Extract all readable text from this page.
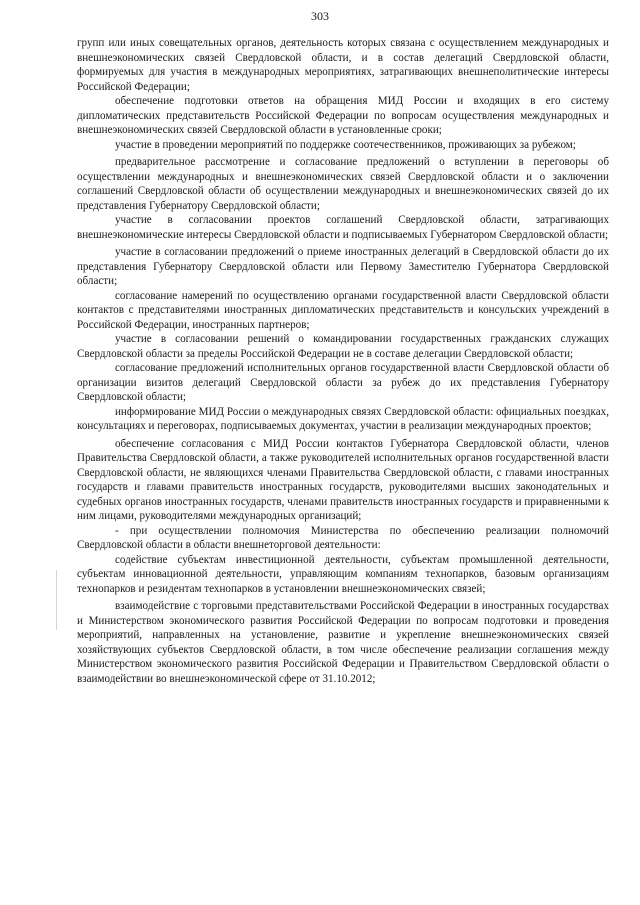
303

групп или иных совещательных органов, деятельность которых связана с осуществлением международных и внешнеэкономических связей Свердловской области, и в состав делегаций Свердловской области, формируемых для участия в международных мероприятиях, затрагивающих внешнеполитические интересы Российской Федерации;

обеспечение подготовки ответов на обращения МИД России и входящих в его систему дипломатических представительств Российской Федерации по вопросам осуществления международных и внешнеэкономических связей Свердловской области в установленные сроки;

участие в проведении мероприятий по поддержке соотечественников, проживающих за рубежом;

предварительное рассмотрение и согласование предложений о вступлении в переговоры об осуществлении международных и внешнеэкономических связей Свердловской области и о заключении соглашений Свердловской области об осуществлении международных и внешнеэкономических связей до их представления Губернатору Свердловской области;

участие в согласовании проектов соглашений Свердловской области, затрагивающих внешнеэкономические интересы Свердловской области и подписываемых Губернатором Свердловской области;

участие в согласовании предложений о приеме иностранных делегаций в Свердловской области до их представления Губернатору Свердловской области или Первому Заместителю Губернатора Свердловской области;

согласование намерений по осуществлению органами государственной власти Свердловской области контактов с представителями иностранных дипломатических представительств и консульских учреждений в Российской Федерации, иностранных партнеров;

участие в согласовании решений о командировании государственных гражданских служащих Свердловской области за пределы Российской Федерации не в составе делегации Свердловской области;

согласование предложений исполнительных органов государственной власти Свердловской области об организации визитов делегаций Свердловской области за рубеж до их представления Губернатору Свердловской области;

информирование МИД России о международных связях Свердловской области: официальных поездках, консультациях и переговорах, подписываемых документах, участии в реализации международных проектов;

обеспечение согласования с МИД России контактов Губернатора Свердловской области, членов Правительства Свердловской области, а также руководителей исполнительных органов государственной власти Свердловской области, не являющихся членами Правительства Свердловской области, с главами иностранных государств и главами правительств иностранных государств, руководителями высших законодательных и судебных органов иностранных государств, членами правительств иностранных государств и приравненными к ним лицами, руководителями международных организаций;

- при осуществлении полномочия Министерства по обеспечению реализации полномочий Свердловской области в области внешнеторговой деятельности:

содействие субъектам инвестиционной деятельности, субъектам промышленной деятельности, субъектам инновационной деятельности, управляющим компаниям технопарков, базовым организациям технопарков и резидентам технопарков в установлении внешнеэкономических связей;

взаимодействие с торговыми представительствами Российской Федерации в иностранных государствах и Министерством экономического развития Российской Федерации по вопросам подготовки и проведения мероприятий, направленных на установление, развитие и укрепление внешнеэкономических связей хозяйствующих субъектов Свердловской области, в том числе обеспечение реализации соглашения между Министерством экономического развития Российской Федерации и Правительством Свердловской области о взаимодействии во внешнеэкономической сфере от 31.10.2012;
